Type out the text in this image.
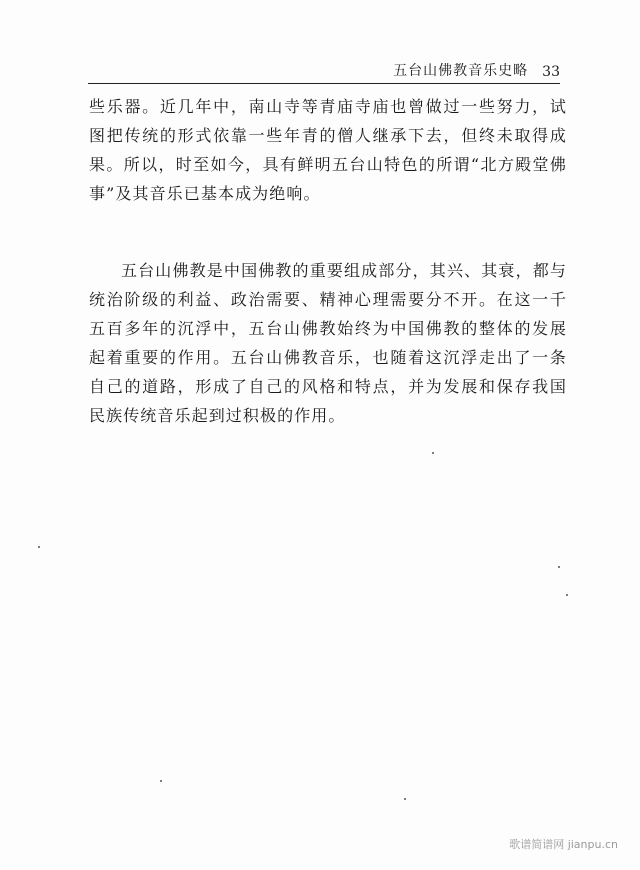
五台山佛教音乐史略 33

些乐器。近几年中，南山寺等青庙寺庙也曾做过一些努力，试图把传统的形式依靠一些年青的僧人继承下去，但终未取得成果。所以，时至如今，具有鲜明五台山特色的所谓“北方殿堂佛事”及其音乐已基本成为绝响。

五台山佛教是中国佛教的重要组成部分，其兴、其衰，都与统治阶级的利益、政治需要、精神心理需要分不开。在这一千五百多年的沉浮中，五台山佛教始终为中国佛教的整体的发展起着重要的作用。五台山佛教音乐，也随着这沉浮走出了一条自己的道路，形成了自己的风格和特点，并为发展和保存我国民族传统音乐起到过积极的作用。

歌谱简谱网 jianpu.cn
